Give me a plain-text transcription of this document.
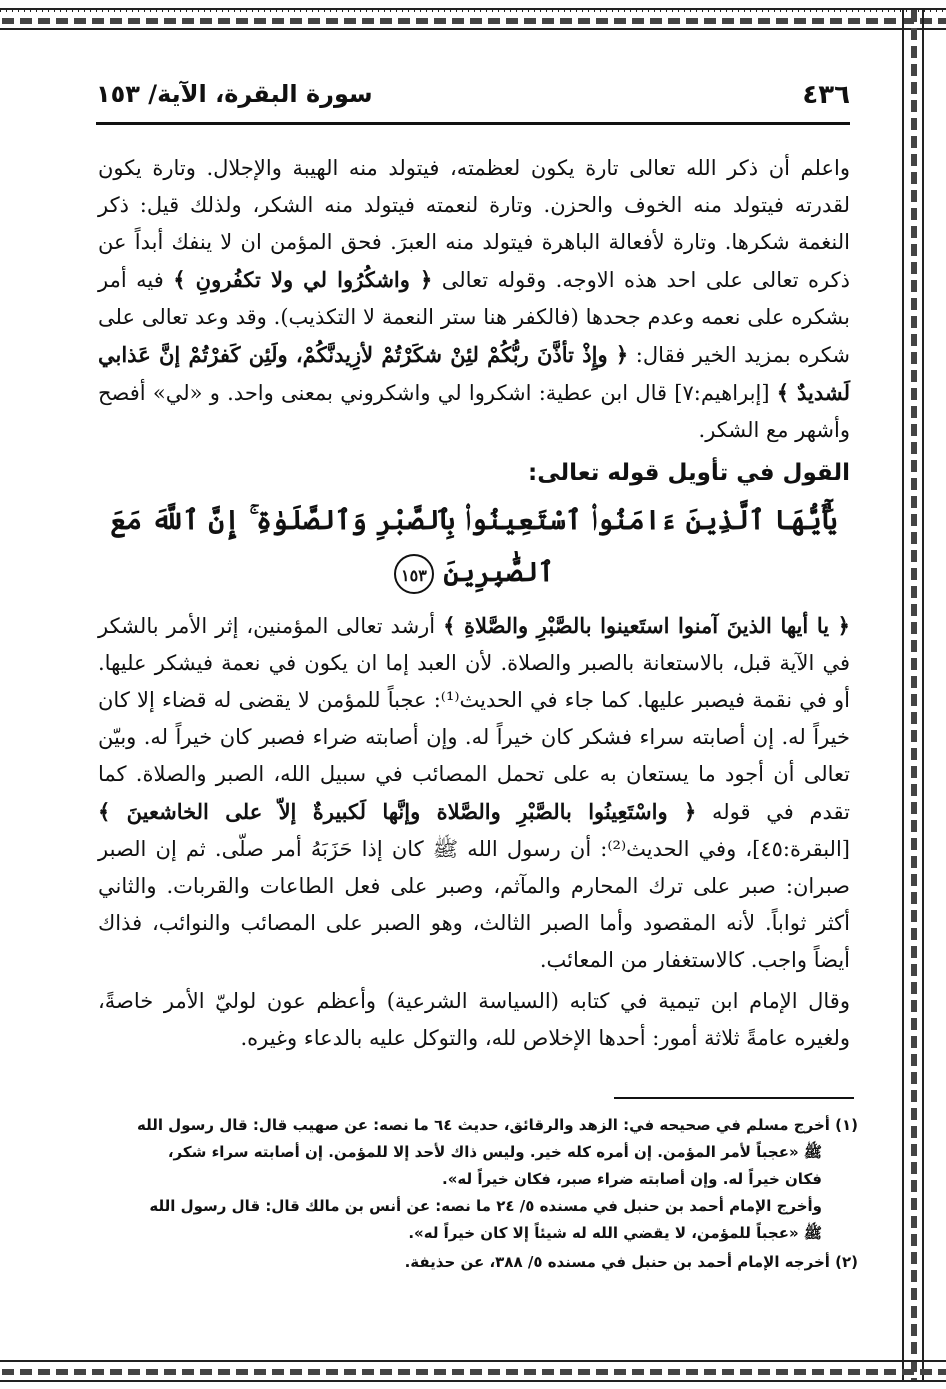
٤٣٦
سورة البقرة، الآية/ ١٥٣

واعلم أن ذكر الله تعالى تارة يكون لعظمته، فيتولد منه الهيبة والإجلال. وتارة يكون لقدرته فيتولد منه الخوف والحزن. وتارة لنعمته فيتولد منه الشكر، ولذلك قيل: ذكر النغمة شكرها. وتارة لأفعالة الباهرة فيتولد منه العبرَ. فحق المؤمن ان لا ينفك أبداً عن ذكره تعالى على احد هذه الاوجه. وقوله تعالى ﴿ واشكُرُوا لي ولا تكفُرونِ ﴾ فيه أمر بشكره على نعمه وعدم جحدها (فالكفر هنا ستر النعمة لا التكذيب). وقد وعد تعالى على شكره بمزيد الخير فقال: ﴿ وإِذْ تأذَّنَ ربُّكُمْ لئِنْ شكَرْتُمْ لأزِيدنَّكُمْ، ولَئِن كَفرْتُمْ إنَّ عَذابي لَشديدٌ ﴾ [إبراهيم:٧] قال ابن عطية: اشكروا لي واشكروني بمعنى واحد. و «لي» أفصح وأشهر مع الشكر.

القول في تأويل قوله تعالى:
يَٰٓأَيُّهَا ٱلَّذِينَ ءَامَنُوا۟ ٱسْتَعِينُوا۟ بِٱلصَّبْرِ وَٱلصَّلَوٰةِ ۚ إِنَّ ٱللَّهَ مَعَ ٱلصَّٰبِرِينَ ١٥٣

﴿ يا أيها الذينَ آمنوا استَعينوا بالصَّبْرِ والصَّلاةِ ﴾ أرشد تعالى المؤمنين، إثر الأمر بالشكر في الآية قبل، بالاستعانة بالصبر والصلاة. لأن العبد إما ان يكون في نعمة فيشكر عليها. أو في نقمة فيصبر عليها. كما جاء في الحديث⁽¹⁾: عجباً للمؤمن لا يقضى له قضاء إلا كان خيراً له. إن أصابته سراء فشكر كان خيراً له. وإن أصابته ضراء فصبر كان خيراً له. وبيّن تعالى أن أجود ما يستعان به على تحمل المصائب في سبيل الله، الصبر والصلاة. كما تقدم في قوله ﴿ واسْتَعِينُوا بالصَّبْرِ والصَّلاة وإنَّها لَكبيرةٌ إلاّ على الخاشعينَ ﴾ [البقرة:٤٥]، وفي الحديث⁽²⁾: أن رسول الله ﷺ كان إذا حَزَبَهُ أمر صلّى. ثم إن الصبر صبران: صبر على ترك المحارم والمآثم، وصبر على فعل الطاعات والقربات. والثاني أكثر ثواباً. لأنه المقصود وأما الصبر الثالث، وهو الصبر على المصائب والنوائب، فذاك أيضاً واجب. كالاستغفار من المعائب.

وقال الإمام ابن تيمية في كتابه (السياسة الشرعية) وأعظم عون لوليّ الأمر خاصةً، ولغيره عامةً ثلاثة أمور: أحدها الإخلاص لله، والتوكل عليه بالدعاء وغيره.

(١) أخرج مسلم في صحيحه في: الزهد والرقائق، حديث ٦٤ ما نصه: عن صهيب قال: قال رسول الله
ﷺ «عجباً لأمر المؤمن. إن أمره كله خير. وليس ذاك لأحد إلا للمؤمن. إن أصابته سراء شكر،
فكان خيراً له. وإن أصابته ضراء صبر، فكان خيراً له».
وأخرج الإمام أحمد بن حنبل في مسنده ٥/ ٢٤ ما نصه: عن أنس بن مالك قال: قال رسول الله
ﷺ «عجباً للمؤمن، لا يقضي الله له شيئاً إلا كان خيراً له».
(٢) أخرجه الإمام أحمد بن حنبل في مسنده ٥/ ٣٨٨، عن حذيفة.
